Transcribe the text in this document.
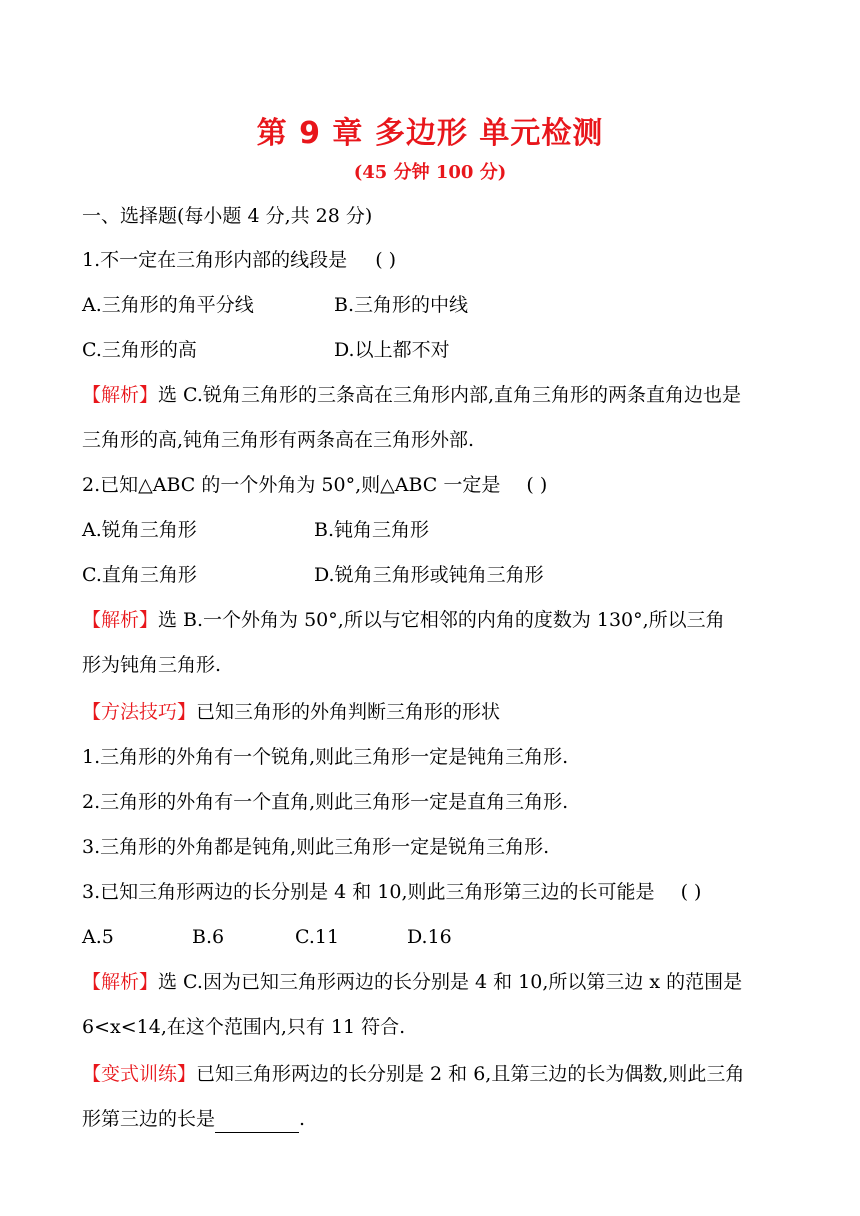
第 9 章 多边形 单元检测
(45 分钟 100 分)
一、选择题(每小题 4 分,共 28 分)
1.不一定在三角形内部的线段是 ( )
A.三角形的角平分线	B.三角形的中线
C.三角形的高	D.以上都不对
【解析】选 C.锐角三角形的三条高在三角形内部,直角三角形的两条直角边也是
三角形的高,钝角三角形有两条高在三角形外部.
2.已知△ABC 的一个外角为 50°,则△ABC 一定是 ( )
A.锐角三角形	B.钝角三角形
C.直角三角形	D.锐角三角形或钝角三角形
【解析】选 B.一个外角为 50°,所以与它相邻的内角的度数为 130°,所以三角
形为钝角三角形.
【方法技巧】已知三角形的外角判断三角形的形状
1.三角形的外角有一个锐角,则此三角形一定是钝角三角形.
2.三角形的外角有一个直角,则此三角形一定是直角三角形.
3.三角形的外角都是钝角,则此三角形一定是锐角三角形.
3.已知三角形两边的长分别是 4 和 10,则此三角形第三边的长可能是 ( )
A.5	B.6	C.11	D.16
【解析】选 C.因为已知三角形两边的长分别是 4 和 10,所以第三边 x 的范围是
6<x<14,在这个范围内,只有 11 符合.
【变式训练】已知三角形两边的长分别是 2 和 6,且第三边的长为偶数,则此三角
形第三边的长是	.
